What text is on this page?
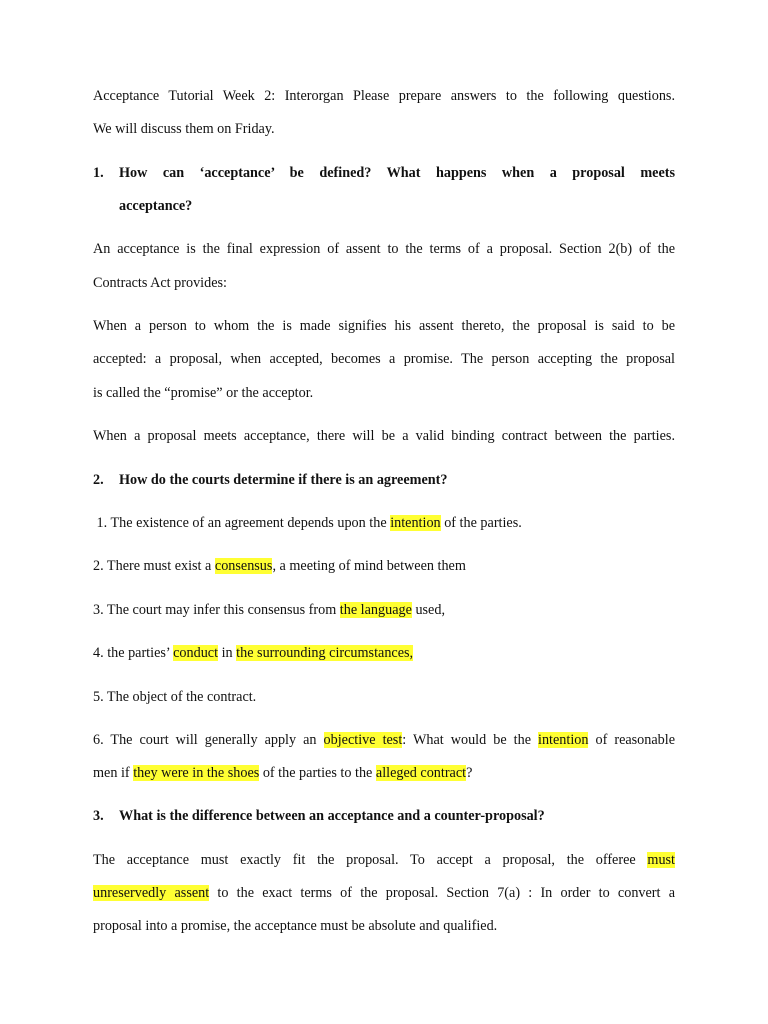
Acceptance Tutorial Week 2: Interorgan Please prepare answers to the following questions.

We will discuss them on Friday.

1. How can ‘acceptance’ be defined? What happens when a proposal meets

acceptance?

An acceptance is the final expression of assent to the terms of a proposal. Section 2(b) of the

Contracts Act provides:

When a person to whom the is made signifies his assent thereto, the proposal is said to be

accepted: a proposal, when accepted, becomes a promise. The person accepting the proposal

is called the “promise” or the acceptor.

When a proposal meets acceptance, there will be a valid binding contract between the parties.

2. How do the courts determine if there is an agreement?

1. The existence of an agreement depends upon the intention of the parties.

2. There must exist a consensus, a meeting of mind between them

3. The court may infer this consensus from the language used,

4. the parties’ conduct in the surrounding circumstances,

5. The object of the contract.

6. The court will generally apply an objective test: What would be the intention of reasonable

men if they were in the shoes of the parties to the alleged contract?

3. What is the difference between an acceptance and a counter-proposal?

The acceptance must exactly fit the proposal. To accept a proposal, the offeree must

unreservedly assent to the exact terms of the proposal. Section 7(a) : In order to convert a

proposal into a promise, the acceptance must be absolute and qualified.
